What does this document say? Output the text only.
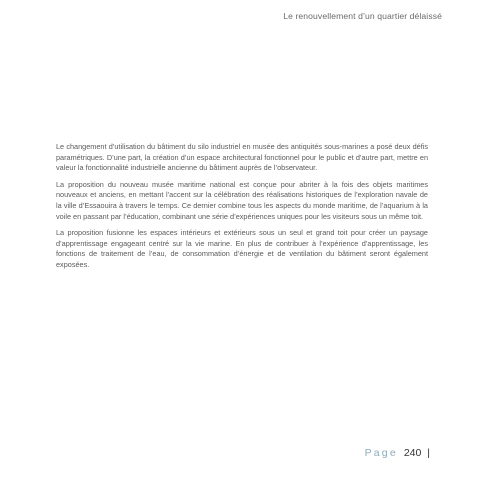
Le renouvellement d’un quartier délaissé

Le changement d’utilisation du bâtiment du silo industriel en musée des antiquités sous-marines a posé deux défis paramétriques. D’une part, la création d’un espace architectural fonctionnel pour le public et d’autre part, mettre en valeur la fonctionnalité industrielle ancienne du bâtiment auprès de l’observateur.

La proposition du nouveau musée maritime national est conçue pour abriter à la fois des objets maritimes nouveaux et anciens, en mettant l’accent sur la célébration des réalisations historiques de l’exploration navale de la ville d’Essaouira à travers le temps. Ce dernier combine tous les aspects du monde maritime, de l’aquarium à la voile en passant par l’éducation, combinant une série d’expériences uniques pour les visiteurs sous un même toit.

La proposition fusionne les espaces intérieurs et extérieurs sous un seul et grand toit pour créer un paysage d’apprentissage engageant centré sur la vie marine. En plus de contribuer à l’expérience d’apprentissage, les fonctions de traitement de l’eau, de consommation d’énergie et de ventilation du bâtiment seront également exposées.

Page 240 |
